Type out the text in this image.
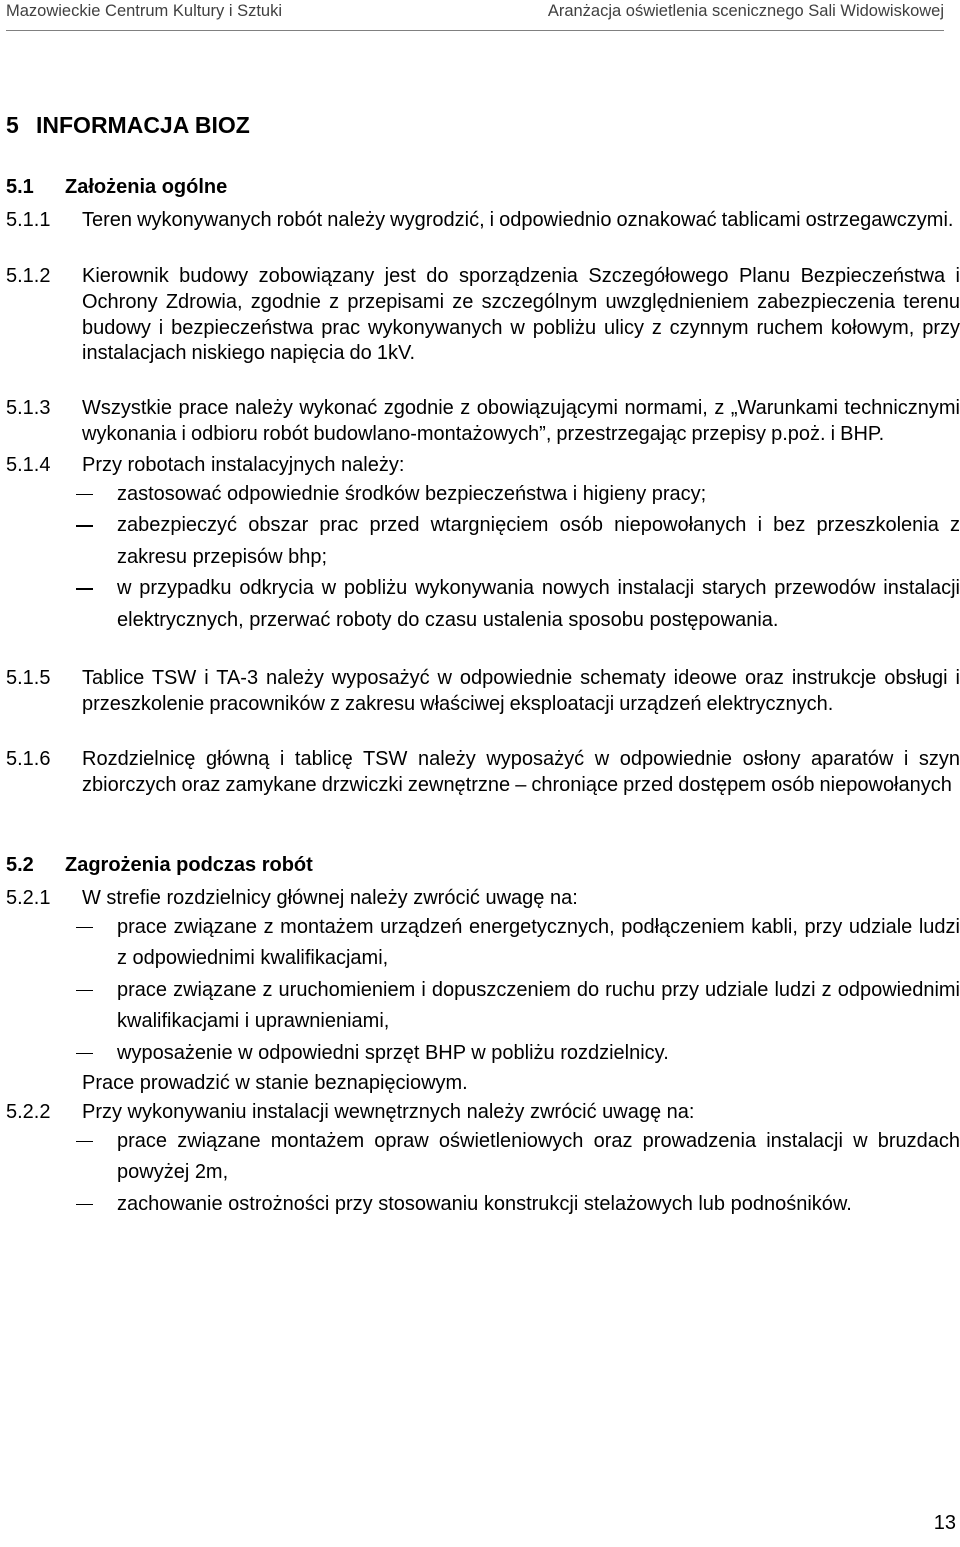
Mazowieckie Centrum Kultury i Sztuki	Aranżacja oświetlenia scenicznego Sali Widowiskowej
5 INFORMACJA BIOZ
5.1 Założenia ogólne
5.1.1 Teren wykonywanych robót należy wygrodzić, i odpowiednio oznakować tablicami ostrzegawczymi.
5.1.2 Kierownik budowy zobowiązany jest do sporządzenia Szczegółowego Planu Bezpieczeństwa i Ochrony Zdrowia, zgodnie z przepisami ze szczególnym uwzględnieniem zabezpieczenia terenu budowy i bezpieczeństwa prac wykonywanych w pobliżu ulicy z czynnym ruchem kołowym, przy instalacjach niskiego napięcia do 1kV.
5.1.3 Wszystkie prace należy wykonać zgodnie z obowiązującymi normami, z „Warunkami technicznymi wykonania i odbioru robót budowlano-montażowych”, przestrzegając przepisy p.poż. i BHP.
5.1.4 Przy robotach instalacyjnych należy:
zastosować odpowiednie środków bezpieczeństwa i higieny pracy;
zabezpieczyć obszar prac przed wtargnięciem osób niepowołanych i bez przeszkolenia z zakresu przepisów bhp;
w przypadku odkrycia w pobliżu wykonywania nowych instalacji starych przewodów instalacji elektrycznych, przerwać roboty do czasu ustalenia sposobu postępowania.
5.1.5 Tablice TSW i TA-3 należy wyposażyć w odpowiednie schematy ideowe oraz instrukcje obsługi i przeszkolenie pracowników z zakresu właściwej eksploatacji urządzeń elektrycznych.
5.1.6 Rozdzielnicę główną i tablicę TSW należy wyposażyć w odpowiednie osłony aparatów i szyn zbiorczych oraz zamykane drzwiczki zewnętrzne – chroniące przed dostępem osób niepowołanych
5.2 Zagrożenia podczas robót
5.2.1 W strefie rozdzielnicy głównej należy zwrócić uwagę na:
prace związane z montażem urządzeń energetycznych, podłączeniem kabli, przy udziale ludzi z odpowiednimi kwalifikacjami,
prace związane z uruchomieniem i dopuszczeniem do ruchu przy udziale ludzi z odpowiednimi kwalifikacjami i uprawnieniami,
wyposażenie w odpowiedni sprzęt BHP w pobliżu rozdzielnicy.
Prace prowadzić w stanie beznapięciowym.
5.2.2 Przy wykonywaniu instalacji wewnętrznych należy zwrócić uwagę na:
prace związane montażem opraw oświetleniowych oraz prowadzenia instalacji w bruzdach powyżej 2m,
zachowanie ostrożności przy stosowaniu konstrukcji stelażowych lub podnośników.
13
